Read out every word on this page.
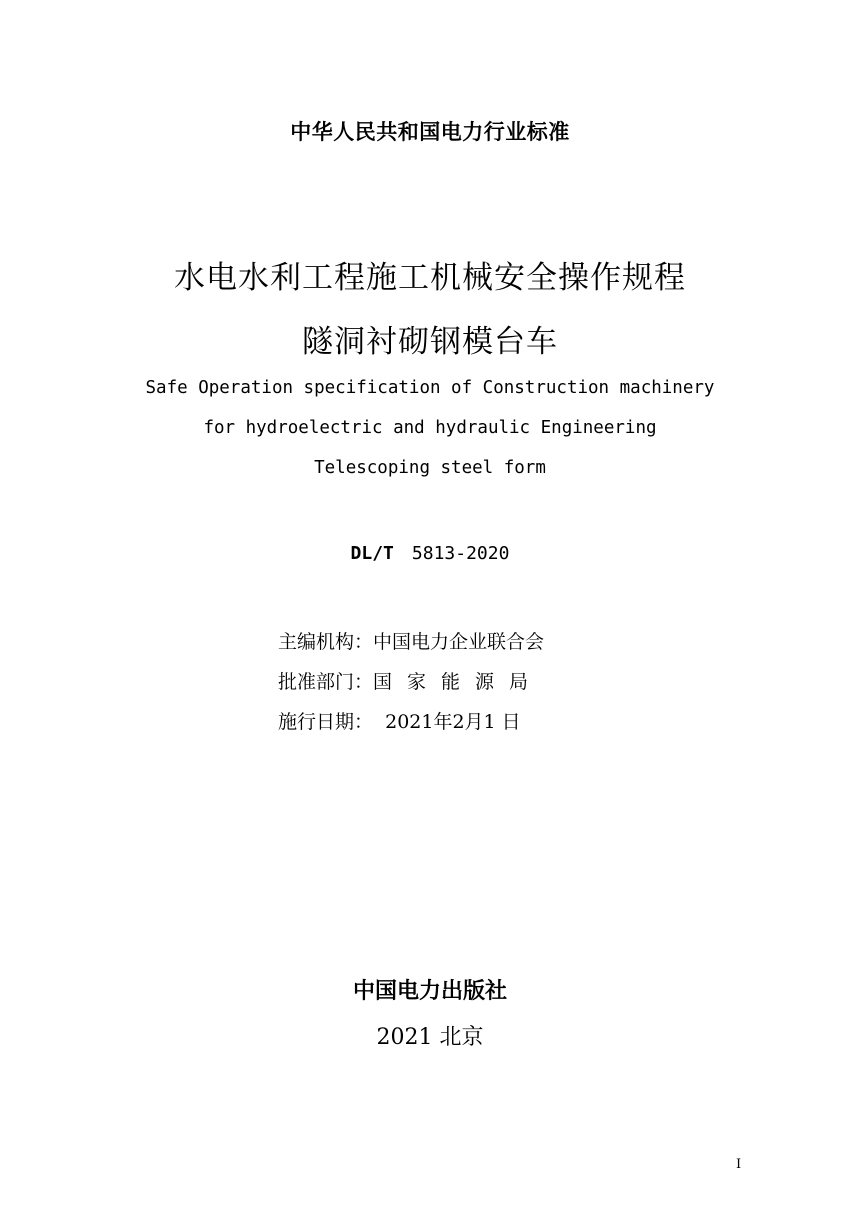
中华人民共和国电力行业标准
水电水利工程施工机械安全操作规程
隧洞衬砌钢模台车
Safe Operation specification of Construction machinery
for hydroelectric and hydraulic Engineering
Telescoping steel form
DL/T 5813-2020
主编机构：中国电力企业联合会
批准部门：国家能源局
施行日期： 2021年2月1 日
中国电力出版社
2021 北京
I
